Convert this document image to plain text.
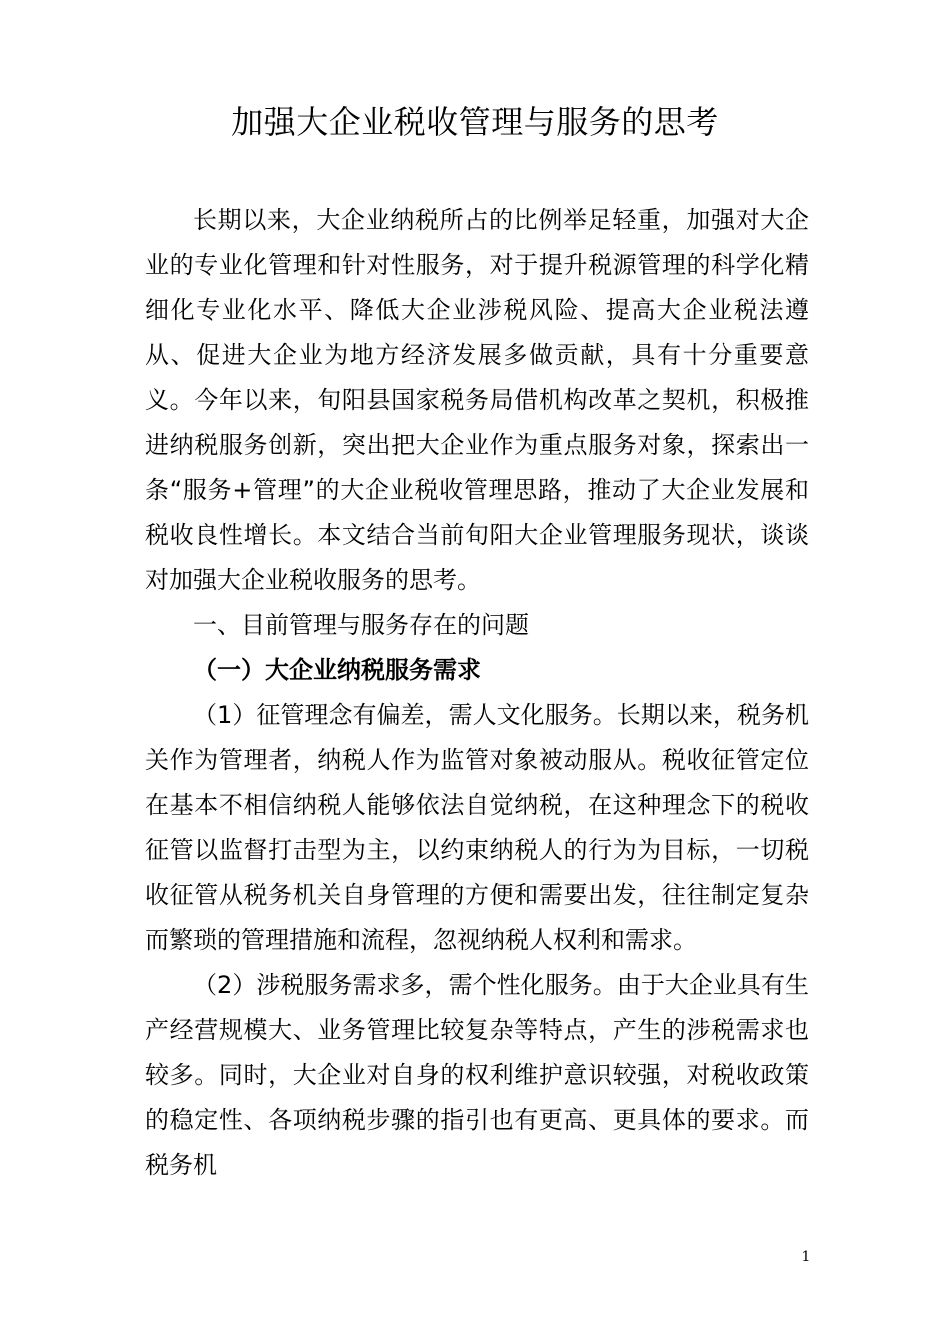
加强大企业税收管理与服务的思考

长期以来，大企业纳税所占的比例举足轻重，加强对大企业的专业化管理和针对性服务，对于提升税源管理的科学化精细化专业化水平、降低大企业涉税风险、提高大企业税法遵从、促进大企业为地方经济发展多做贡献，具有十分重要意义。今年以来，旬阳县国家税务局借机构改革之契机，积极推进纳税服务创新，突出把大企业作为重点服务对象，探索出一条“服务+管理”的大企业税收管理思路，推动了大企业发展和税收良性增长。本文结合当前旬阳大企业管理服务现状，谈谈对加强大企业税收服务的思考。

一、目前管理与服务存在的问题

（一）大企业纳税服务需求

（1）征管理念有偏差，需人文化服务。长期以来，税务机关作为管理者，纳税人作为监管对象被动服从。税收征管定位在基本不相信纳税人能够依法自觉纳税，在这种理念下的税收征管以监督打击型为主，以约束纳税人的行为为目标，一切税收征管从税务机关自身管理的方便和需要出发，往往制定复杂而繁琐的管理措施和流程，忽视纳税人权利和需求。

（2）涉税服务需求多，需个性化服务。由于大企业具有生产经营规模大、业务管理比较复杂等特点，产生的涉税需求也较多。同时，大企业对自身的权利维护意识较强，对税收政策的稳定性、各项纳税步骤的指引也有更高、更具体的要求。而税务机

1
